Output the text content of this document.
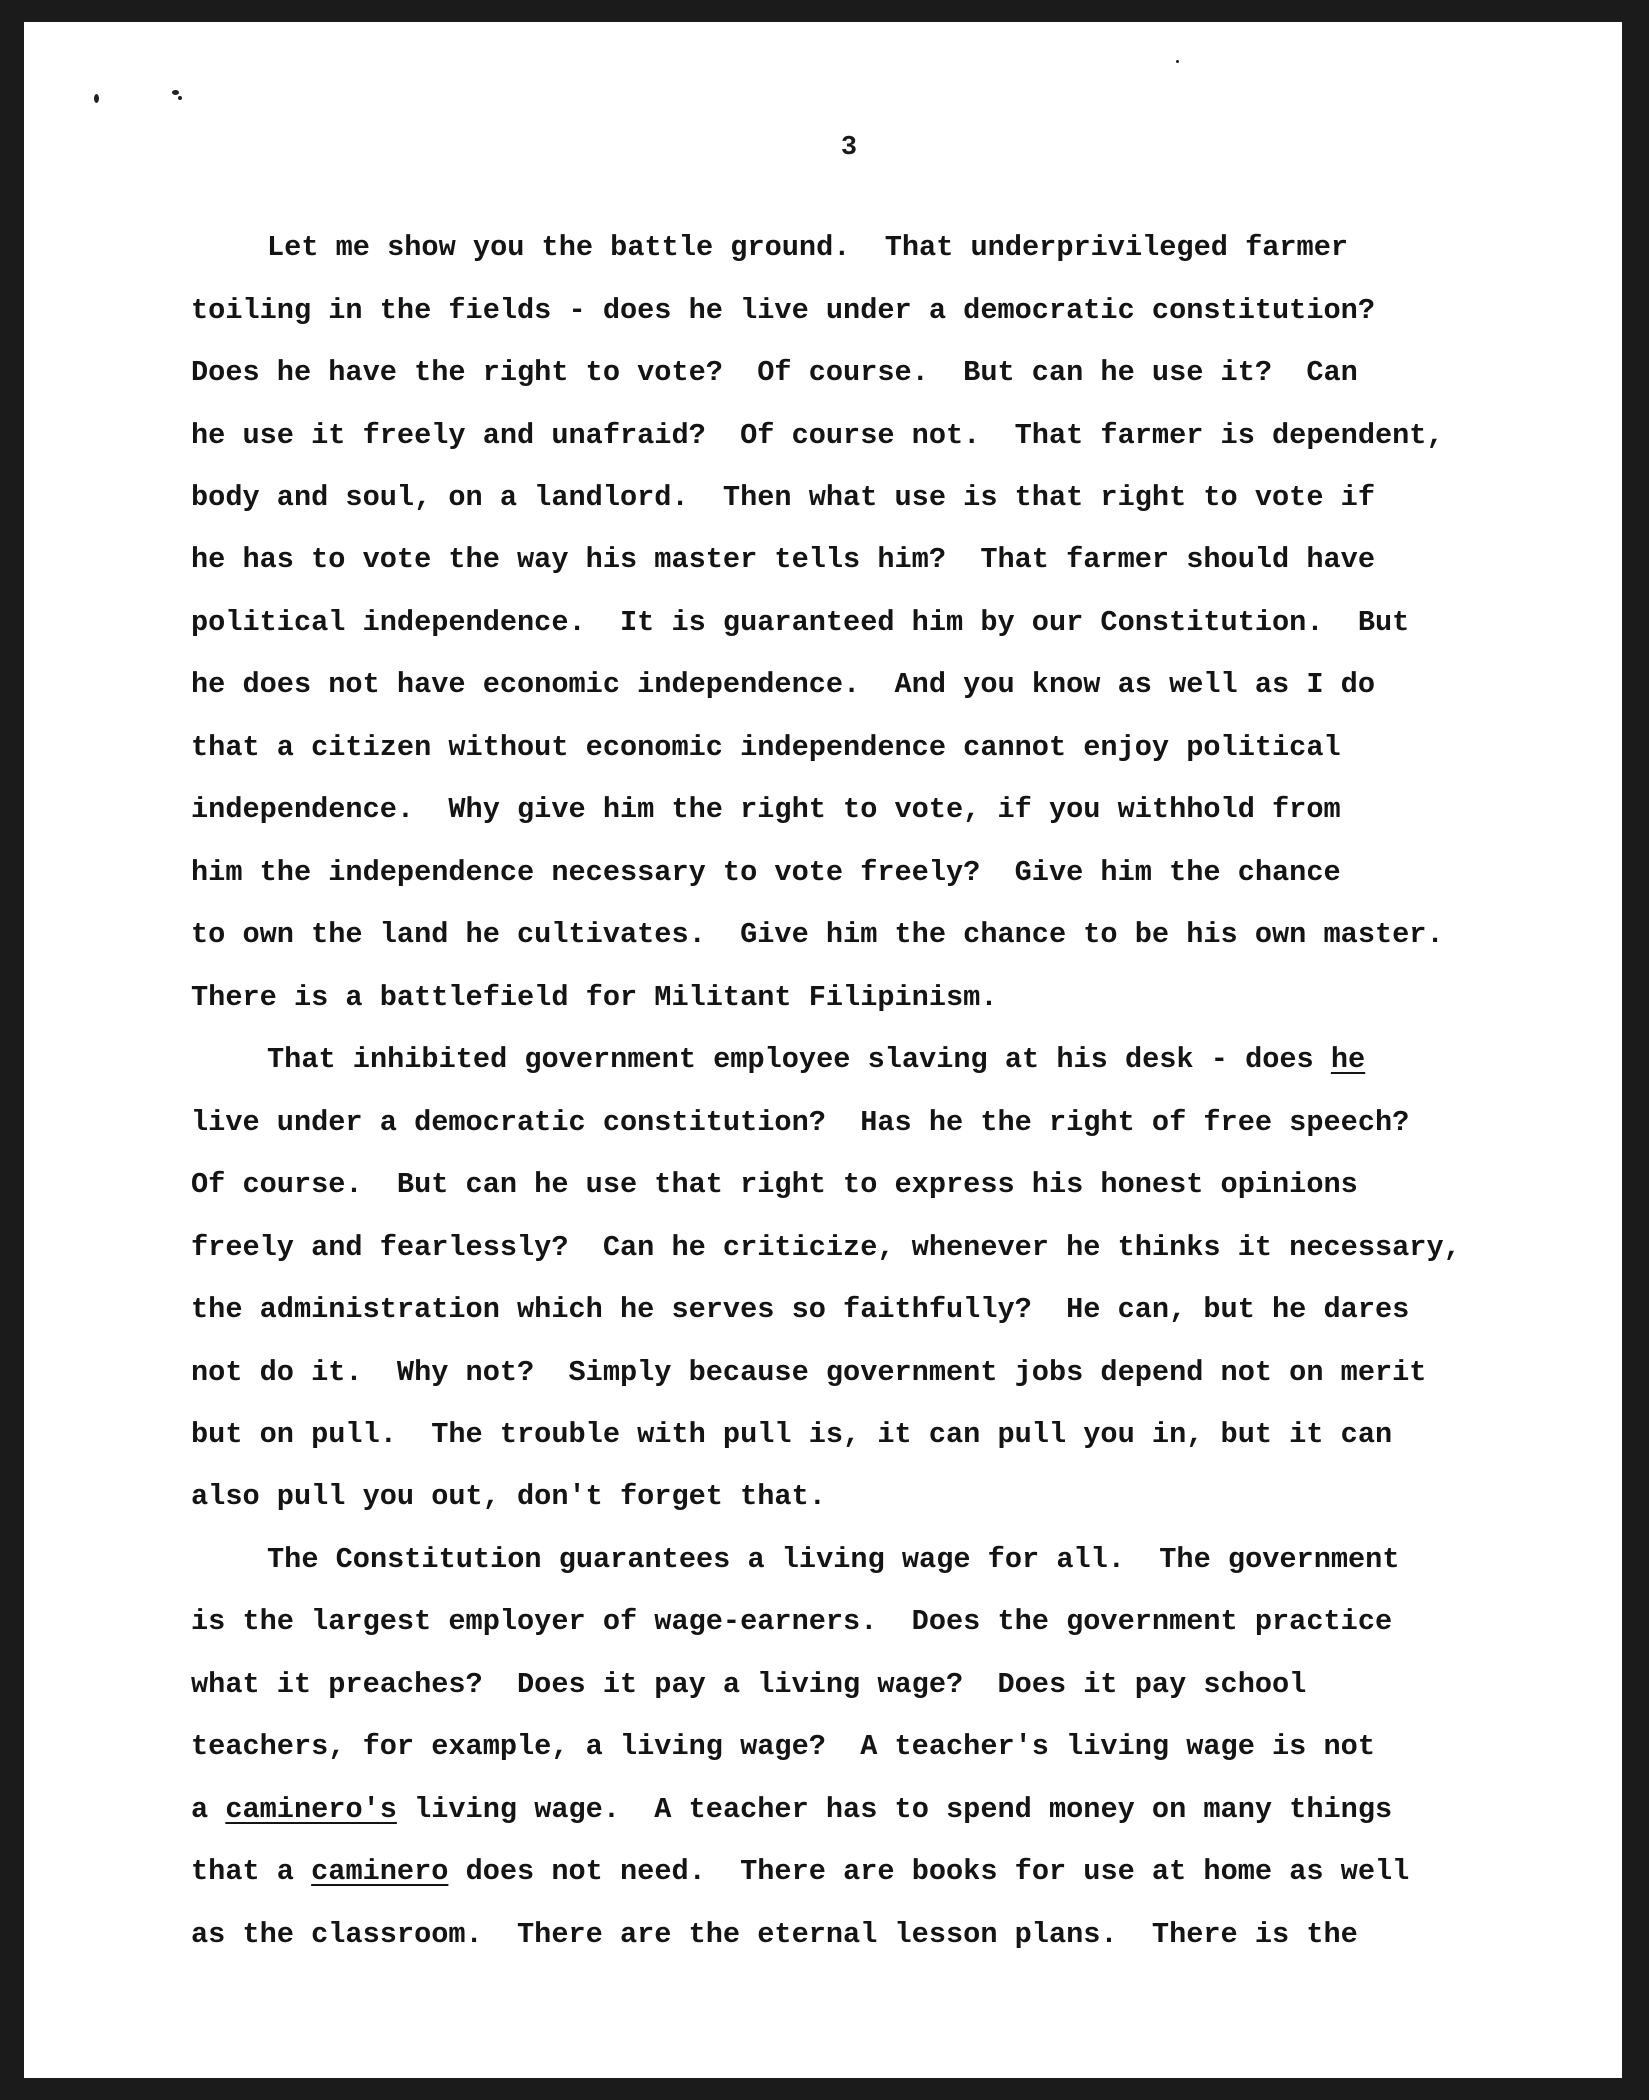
3
Let me show you the battle ground.  That underprivileged farmer
toiling in the fields - does he live under a democratic constitution?
Does he have the right to vote?  Of course.  But can he use it?  Can
he use it freely and unafraid?  Of course not.  That farmer is dependent,
body and soul, on a landlord.  Then what use is that right to vote if
he has to vote the way his master tells him?  That farmer should have
political independence.  It is guaranteed him by our Constitution.  But
he does not have economic independence.  And you know as well as I do
that a citizen without economic independence cannot enjoy political
independence.  Why give him the right to vote, if you withhold from
him the independence necessary to vote freely?  Give him the chance
to own the land he cultivates.  Give him the chance to be his own master.
There is a battlefield for Militant Filipinism.
That inhibited government employee slaving at his desk - does he
live under a democratic constitution?  Has he the right of free speech?
Of course.  But can he use that right to express his honest opinions
freely and fearlessly?  Can he criticize, whenever he thinks it necessary,
the administration which he serves so faithfully?  He can, but he dares
not do it.  Why not?  Simply because government jobs depend not on merit
but on pull.  The trouble with pull is, it can pull you in, but it can
also pull you out, don't forget that.
The Constitution guarantees a living wage for all.  The government
is the largest employer of wage-earners.  Does the government practice
what it preaches?  Does it pay a living wage?  Does it pay school
teachers, for example, a living wage?  A teacher's living wage is not
a caminero's living wage.  A teacher has to spend money on many things
that a caminero does not need.  There are books for use at home as well
as the classroom.  There are the eternal lesson plans.  There is the
